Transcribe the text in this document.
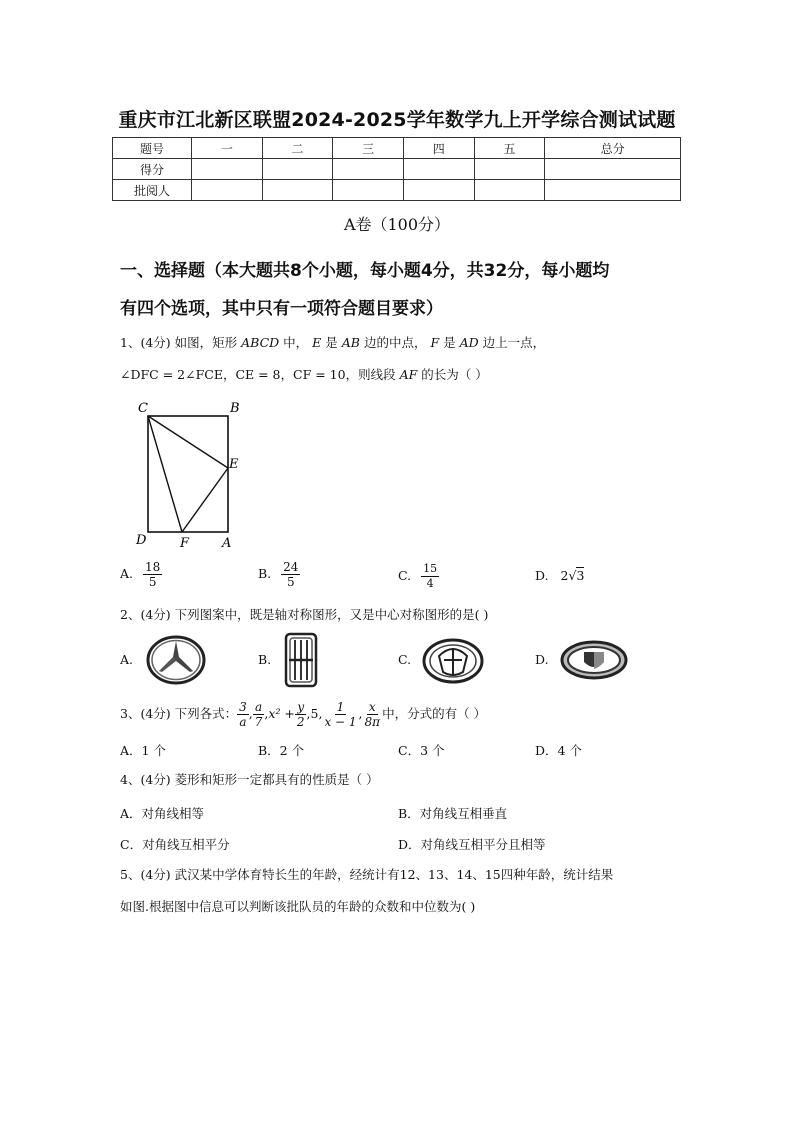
重庆市江北新区联盟2024-2025学年数学九上开学综合测试试题
题号	一	二	三	四	五	总分
得分						
批阅人						
A卷（100分）
一、选择题（本大题共8个小题，每小题4分，共32分，每小题均
有四个选项，其中只有一项符合题目要求）
1、(4分) 如图，矩形 ABCD 中， E 是 AB 边的中点， F 是 AD 边上一点，
∠DFC = 2∠FCE，CE = 8，CF = 10，则线段 AF 的长为（ ）
C	B
E
D	F	A
A. $\frac{18}{5}$	B. $\frac{24}{5}$	C. $\frac{15}{4}$	D. 2√3
2、(4分) 下列图案中，既是轴对称图形，又是中心对称图形的是( )
A.	B.	C.	D.
3、(4分) 下列各式： $\frac{3}{a}$ , $\frac{a}{7}$ , $x^2 + \frac{y}{2} ,5$, $\frac{1}{x - 1}$ , $\frac{x}{8\pi}$ 中，分式的有（ ）
A．1 个	B．2 个	C．3 个	D．4 个
4、(4分) 菱形和矩形一定都具有的性质是（ ）
A．对角线相等	B．对角线互相垂直
C．对角线互相平分	D．对角线互相平分且相等
5、(4分) 武汉某中学体育特长生的年龄，经统计有12、13、14、15四种年龄，统计结果
如图.根据图中信息可以判断该批队员的年龄的众数和中位数为( )
